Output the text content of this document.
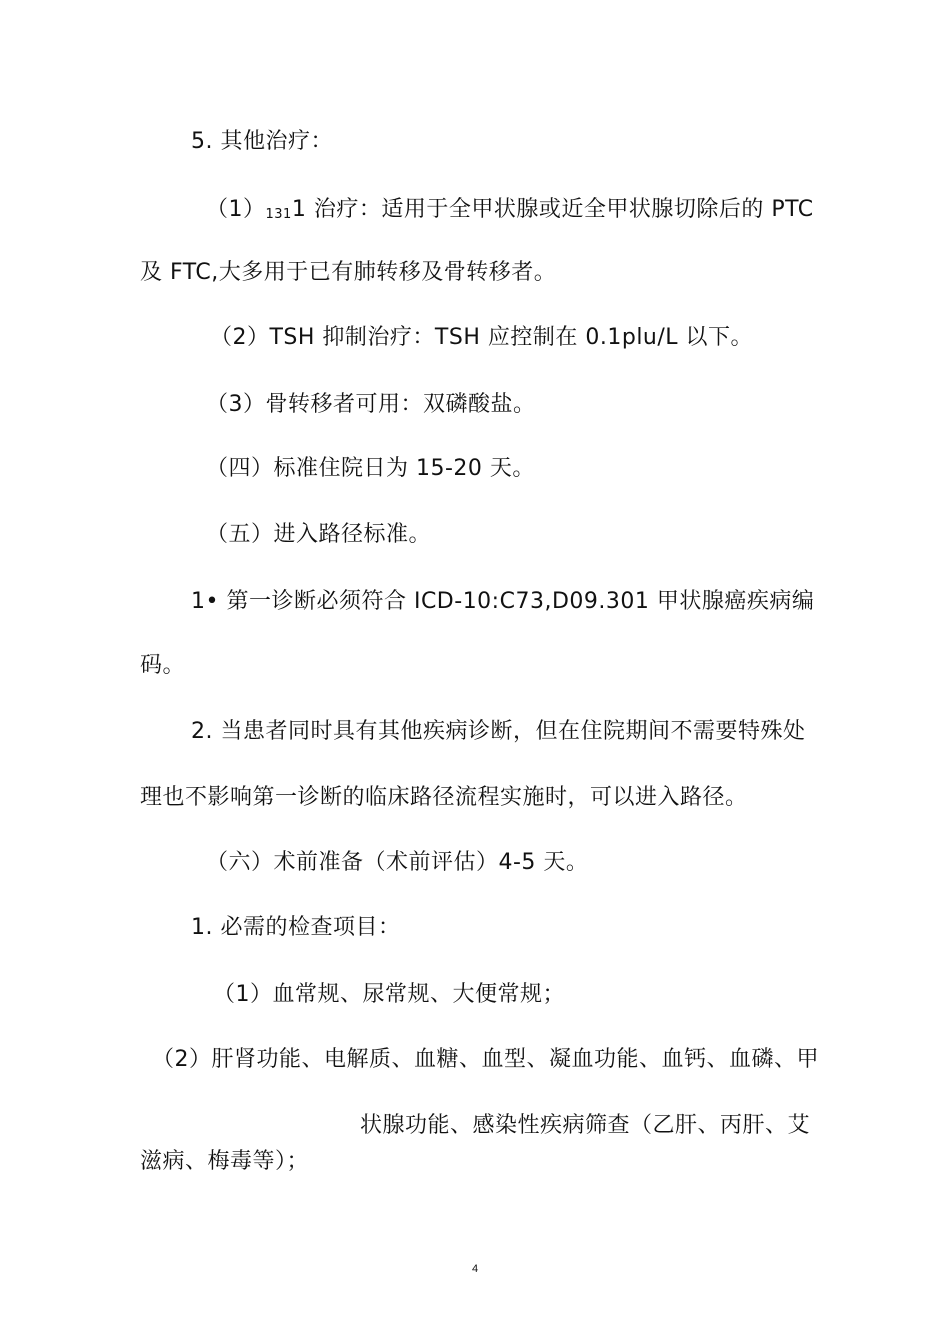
5. 其他治疗：
（1）1311 治疗：适用于全甲状腺或近全甲状腺切除后的 PTC
及 FTC,大多用于已有肺转移及骨转移者。
（2）TSH 抑制治疗：TSH 应控制在 0.1plu/L 以下。
（3）骨转移者可用：双磷酸盐。
（四）标准住院日为 15-20 天。
（五）进入路径标准。
1• 第一诊断必须符合 ICD-10:C73,D09.301 甲状腺癌疾病编
码。
2. 当患者同时具有其他疾病诊断，但在住院期间不需要特殊处
理也不影响第一诊断的临床路径流程实施时，可以进入路径。
（六）术前准备（术前评估）4-5 天。
1. 必需的检查项目：
（1）血常规、尿常规、大便常规；
（2）肝肾功能、电解质、血糖、血型、凝血功能、血钙、血磷、甲
状腺功能、感染性疾病筛查（乙肝、丙肝、艾
滋病、梅毒等）；
4
